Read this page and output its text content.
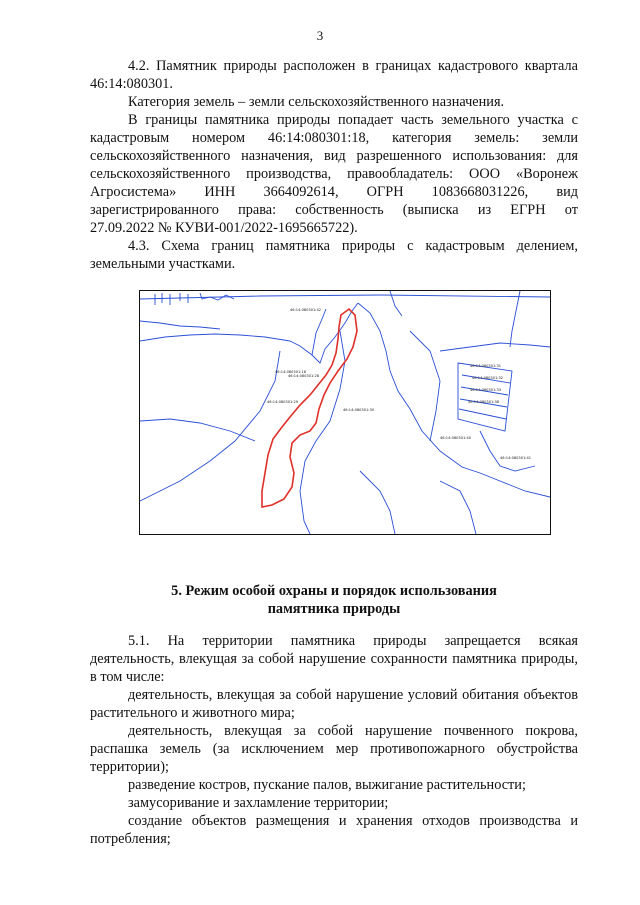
3

4.2. Памятник природы расположен в границах кадастрового квартала 46:14:080301.

Категория земель – земли сельскохозяйственного назначения.

В границы памятника природы попадает часть земельного участка с

кадастровым номером 46:14:080301:18, категория земель: земли

сельскохозяйственного назначения, вид разрешенного использования: для

сельскохозяйственного производства, правообладатель: ООО «Воронеж

Агросистема» ИНН 3664092614, ОГРН 1083668031226, вид

зарегистрированного права: собственность (выписка из ЕГРН от

27.09.2022 № КУВИ-001/2022-1695665722).

4.3. Схема границ памятника природы с кадастровым делением, земельными участками.

46:14:080301:18
46:14:080301:28
46:14:080301:29
46:14:080301:30
46:14:080301:31
46:14:080301:32
46:14:080301:33
46:14:080301:38
46:14:080301:40
46:14:080301:41
46:14:080301:42
5. Режим особой охраны и порядок использования
памятника природы

5.1. На территории памятника природы запрещается всякая деятельность, влекущая за собой нарушение сохранности памятника природы, в том числе:

деятельность, влекущая за собой нарушение условий обитания объектов растительного и животного мира;

деятельность, влекущая за собой нарушение почвенного покрова, распашка земель (за исключением мер противопожарного обустройства территории);

разведение костров, пускание палов, выжигание растительности;

замусоривание и захламление территории;

создание объектов размещения и хранения отходов производства и потребления;
